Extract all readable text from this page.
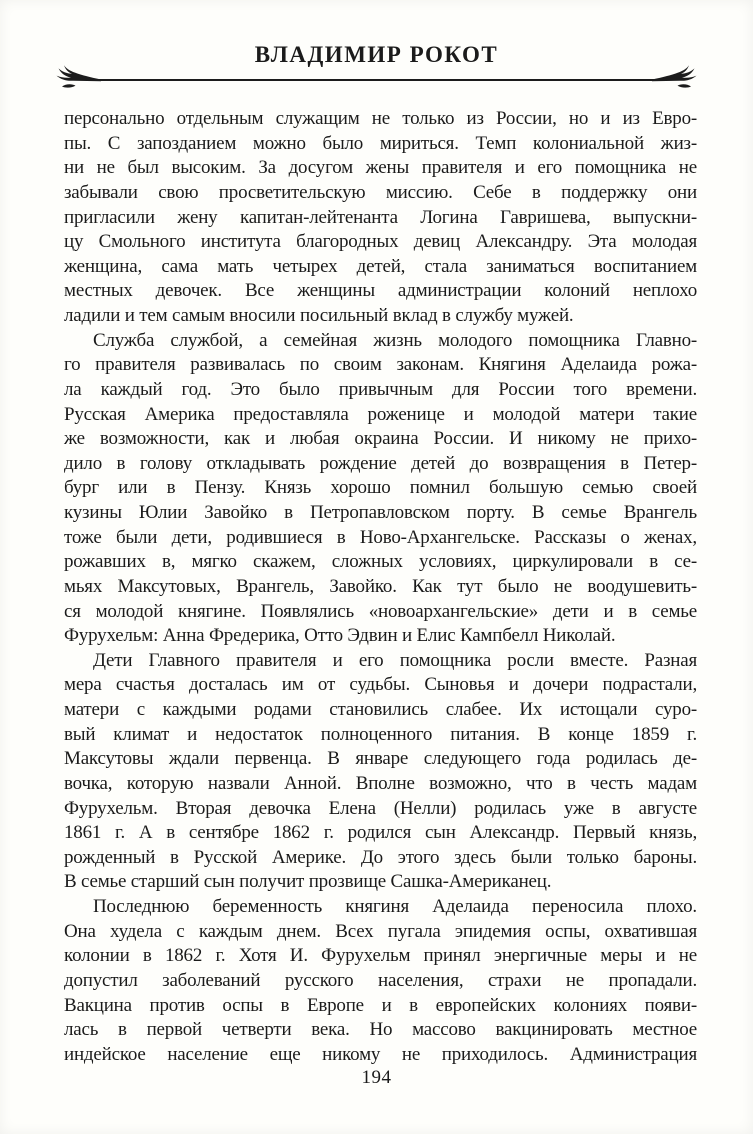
ВЛАДИМИР РОКОТ
персонально отдельным служащим не только из России, но и из Евро-
пы. С запозданием можно было мириться. Темп колониальной жиз-
ни не был высоким. За досугом жены правителя и его помощника не
забывали свою просветительскую миссию. Себе в поддержку они
пригласили жену капитан-лейтенанта Логина Гавришева, выпускни-
цу Смольного института благородных девиц Александру. Эта молодая
женщина, сама мать четырех детей, стала заниматься воспитанием
местных девочек. Все женщины администрации колоний неплохо
ладили и тем самым вносили посильный вклад в службу мужей.
Служба службой, а семейная жизнь молодого помощника Главно-
го правителя развивалась по своим законам. Княгиня Аделаида рожа-
ла каждый год. Это было привычным для России того времени.
Русская Америка предоставляла роженице и молодой матери такие
же возможности, как и любая окраина России. И никому не прихо-
дило в голову откладывать рождение детей до возвращения в Петер-
бург или в Пензу. Князь хорошо помнил большую семью своей
кузины Юлии Завойко в Петропавловском порту. В семье Врангель
тоже были дети, родившиеся в Ново-Архангельске. Рассказы о женах,
рожавших в, мягко скажем, сложных условиях, циркулировали в се-
мьях Максутовых, Врангель, Завойко. Как тут было не воодушевить-
ся молодой княгине. Появлялись «новоархангельские» дети и в семье
Фурухельм: Анна Фредерика, Отто Эдвин и Елис Кампбелл Николай.
Дети Главного правителя и его помощника росли вместе. Разная
мера счастья досталась им от судьбы. Сыновья и дочери подрастали,
матери с каждыми родами становились слабее. Их истощали суро-
вый климат и недостаток полноценного питания. В конце 1859 г.
Максутовы ждали первенца. В январе следующего года родилась де-
вочка, которую назвали Анной. Вполне возможно, что в честь мадам
Фурухельм. Вторая девочка Елена (Нелли) родилась уже в августе
1861 г. А в сентябре 1862 г. родился сын Александр. Первый князь,
рожденный в Русской Америке. До этого здесь были только бароны.
В семье старший сын получит прозвище Сашка-Американец.
Последнюю беременность княгиня Аделаида переносила плохо.
Она худела с каждым днем. Всех пугала эпидемия оспы, охватившая
колонии в 1862 г. Хотя И. Фурухельм принял энергичные меры и не
допустил заболеваний русского населения, страхи не пропадали.
Вакцина против оспы в Европе и в европейских колониях появи-
лась в первой четверти века. Но массово вакцинировать местное
индейское население еще никому не приходилось. Администрация
194
